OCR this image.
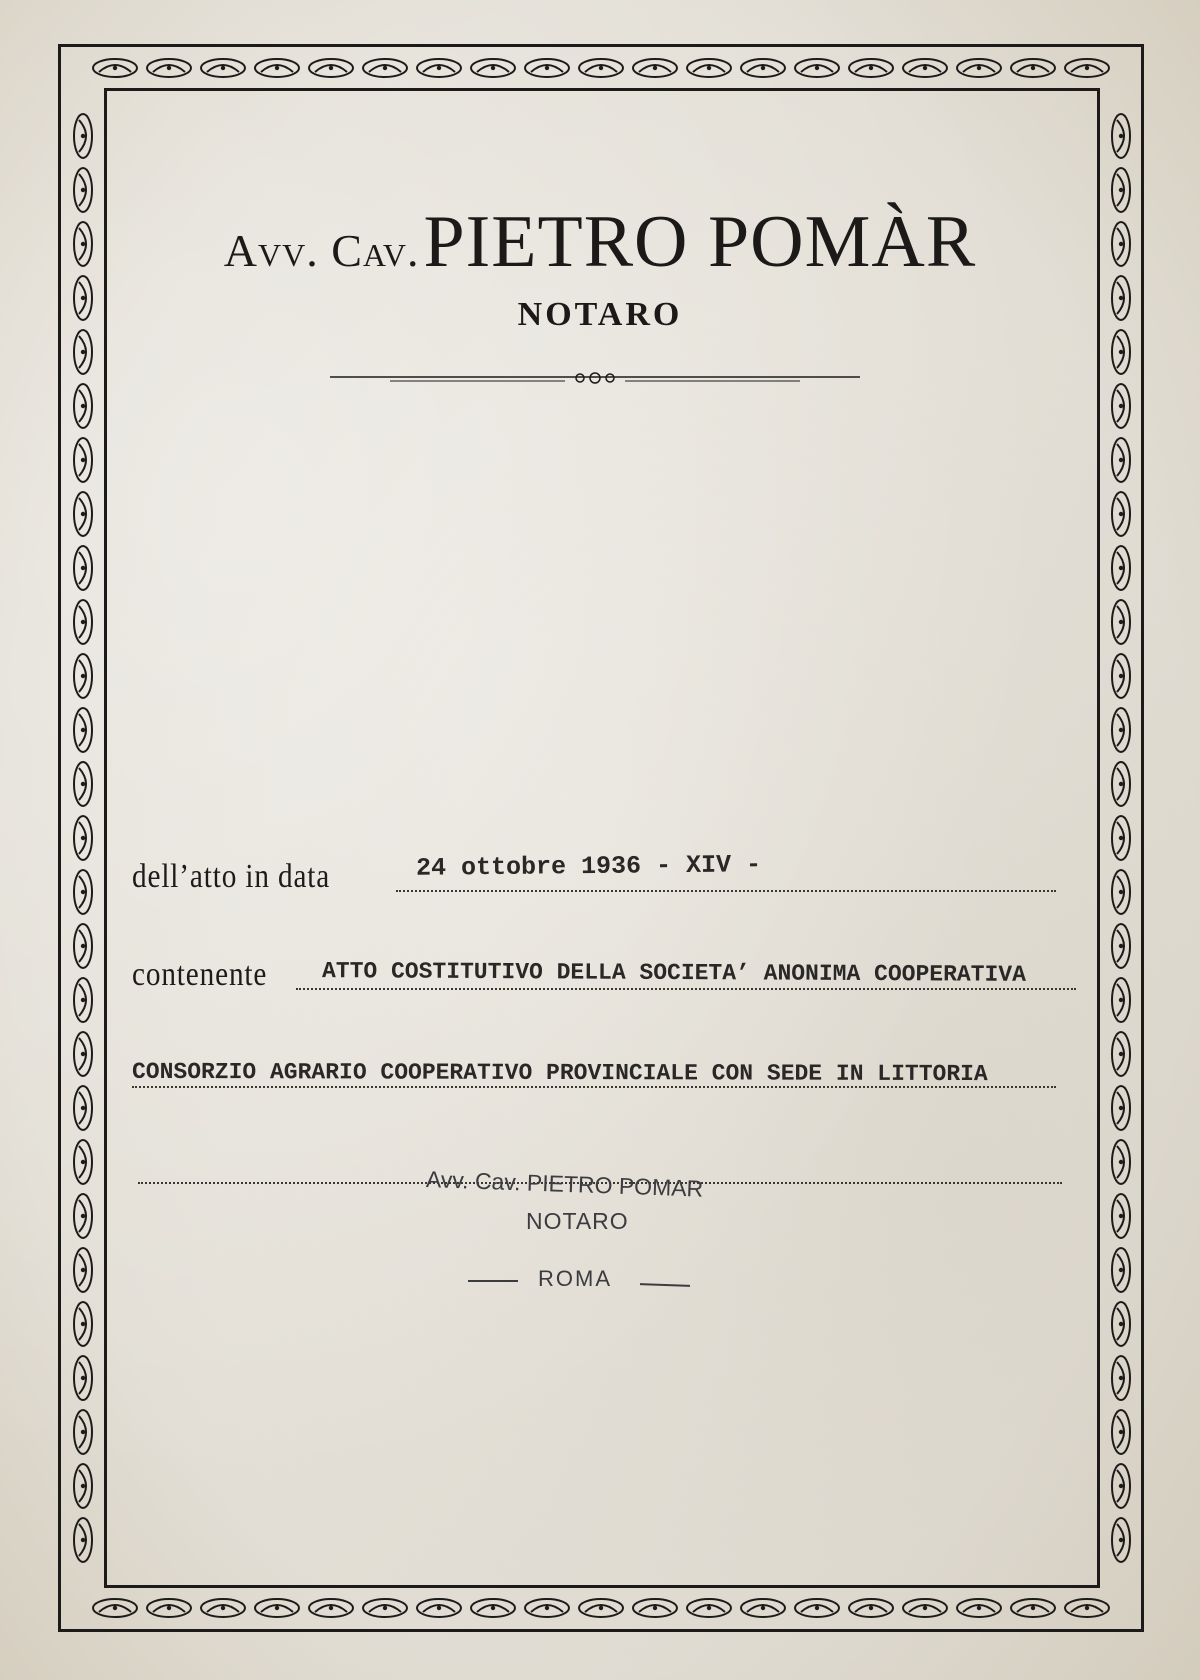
Avv. Cav. PIETRO POMÀR
NOTARO
dell’atto in data	24 ottobre 1936 - XIV -
contenente ATTO COSTITUTIVO DELLA SOCIETA’ ANONIMA COOPERATIVA
CONSORZIO AGRARIO COOPERATIVO PROVINCIALE CON SEDE IN LITTORIA
Avv. Cav. PIETRO POMAR
NOTARO
ROMA
